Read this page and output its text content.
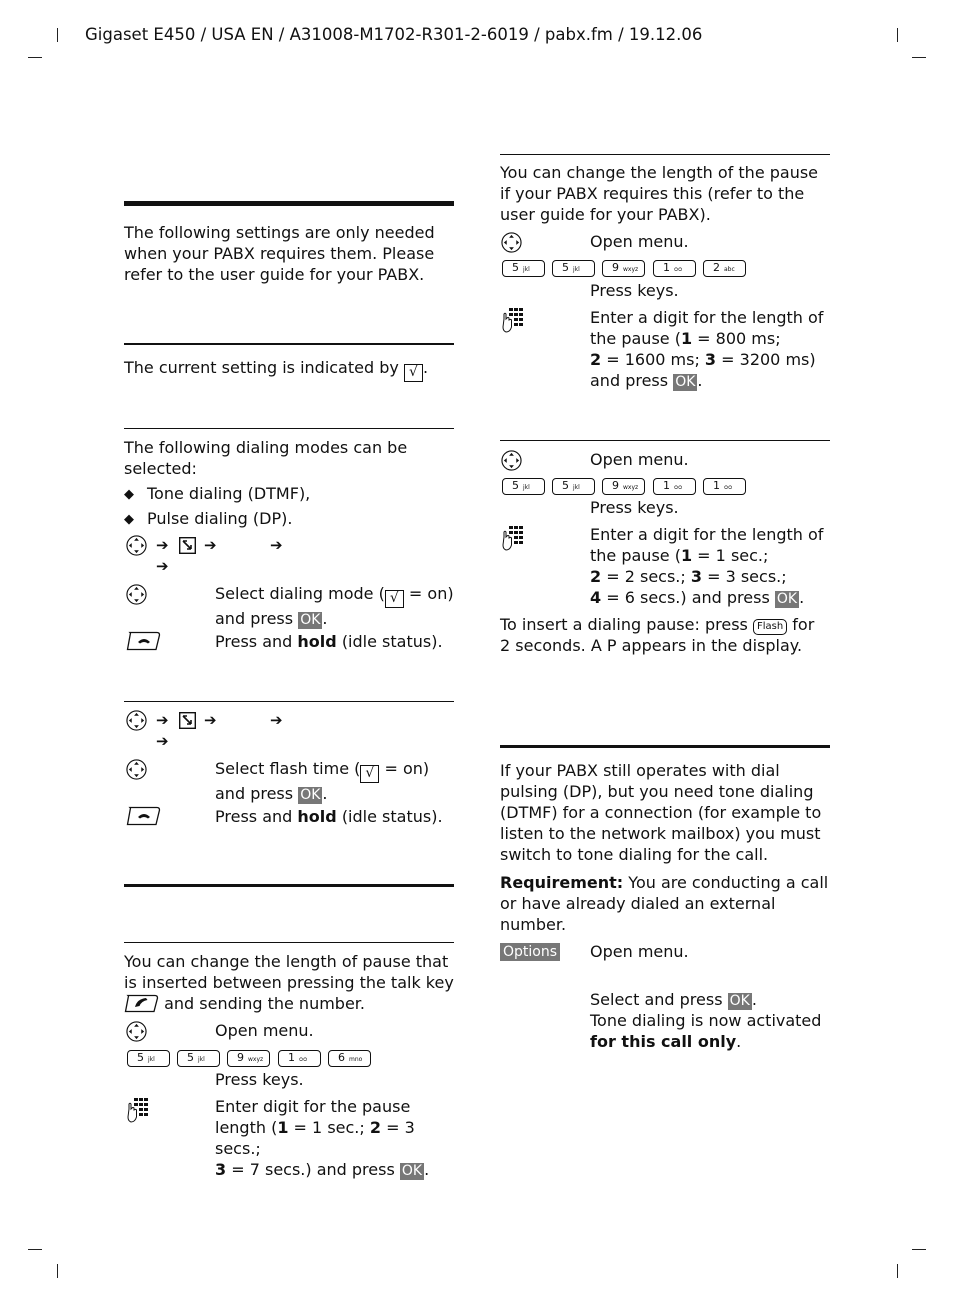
Gigaset E450 / USA EN / A31008-M1702-R301-2-6019 / pabx.fm / 19.12.06

The following settings are only needed when your PABX requires them. Please refer to the user guide for your PABX.

The current setting is indicated by √ .

The following dialing modes can be selected:

◆ Tone dialing (DTMF),

◆ Pulse dialing (DP).

➔ ➔	➔
➔

Select dialing mode ( √ = on)
and press OK .

Press and hold (idle status).

➔ ➔	➔
➔

Select flash time ( √ = on)
and press OK .

Press and hold (idle status).

You can change the length of pause that is inserted between pressing the talk key
and sending the number.

Open menu.

5 jkl	5 jkl	9 wxyz	1 ᴑᴑ	6 mno

Press keys.

Enter digit for the pause
length (1 = 1 sec.; 2 = 3 secs.;
3 = 7 secs.) and press OK .

You can change the length of the pause if your PABX requires this (refer to the user guide for your PABX).

Open menu.

5 jkl	5 jkl	9 wxyz	1 ᴑᴑ	2 abc

Press keys.

Enter a digit for the length of
the pause (1 = 800 ms;
2 = 1600 ms; 3 = 3200 ms)
and press OK .

Open menu.

5 jkl	5 jkl	9 wxyz	1 ᴑᴑ	1 ᴑᴑ

Press keys.

Enter a digit for the length of
the pause (1 = 1 sec.;
2 = 2 secs.; 3 = 3 secs.;
4 = 6 secs.) and press OK .

To insert a dialing pause: press Flash for
2 seconds. A P appears in the display.

If your PABX still operates with dial pulsing (DP), but you need tone dialing (DTMF) for a connection (for example to listen to the network mailbox) you must switch to tone dialing for the call.

Requirement: You are conducting a call or have already dialed an external number.

Options Open menu.

Select and press OK .
Tone dialing is now activated
for this call only.
